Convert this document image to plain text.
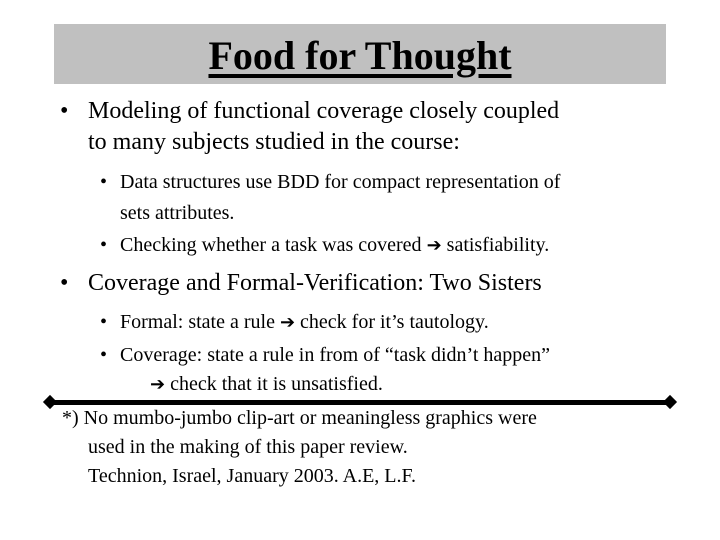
Food for Thought
• Modeling of functional coverage closely coupled
to many subjects studied in the course:
• Data structures use BDD for compact representation of
sets attributes.
• Checking whether a task was covered ➔ satisfiability.
• Coverage and Formal-Verification: Two Sisters
• Formal: state a rule ➔ check for it’s tautology.
• Coverage: state a rule in from of “task didn’t happen”
➔ check that it is unsatisfied.
*) No mumbo-jumbo clip-art or meaningless graphics were
used in the making of this paper review.
Technion, Israel, January 2003. A.E, L.F.
